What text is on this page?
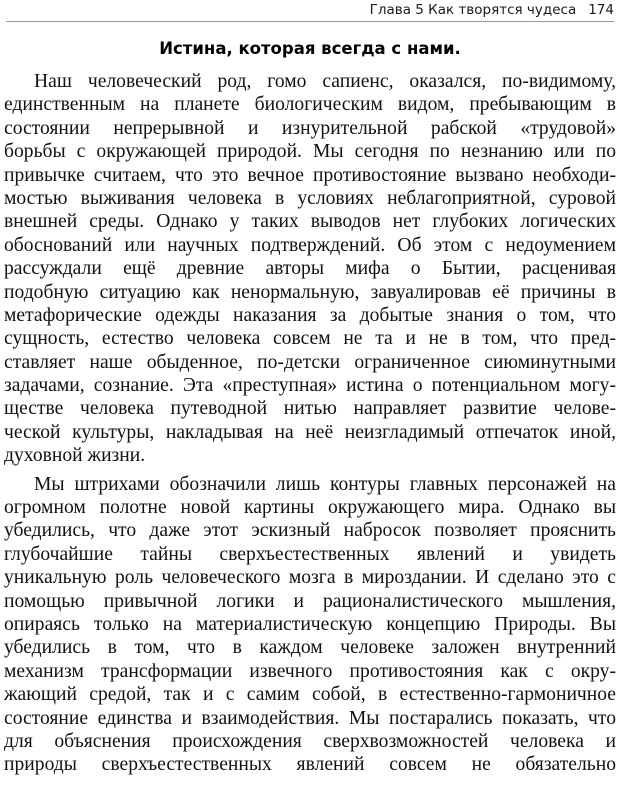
Глава 5 Как творятся чудеса 174
Истина, которая всегда с нами.
Наш человеческий род, гомо сапиенс, оказался, по-видимому,
единственным на планете биологическим видом, пребывающим в
состоянии непрерывной и изнурительной рабской «трудовой»
борьбы с окружающей природой. Мы сегодня по незнанию или по
привычке считаем, что это вечное противостояние вызвано необходи-
мостью выживания человека в условиях неблагоприятной, суровой
внешней среды. Однако у таких выводов нет глубоких логических
обоснований или научных подтверждений. Об этом с недоумением
рассуждали ещё древние авторы мифа о Бытии, расценивая
подобную ситуацию как ненормальную, завуалировав её причины в
метафорические одежды наказания за добытые знания о том, что
сущность, естество человека совсем не та и не в том, что пред-
ставляет наше обыденное, по-детски ограниченное сиюминутными
задачами, сознание. Эта «преступная» истина о потенциальном могу-
ществе человека путеводной нитью направляет развитие челове-
ческой культуры, накладывая на неё неизгладимый отпечаток иной,
духовной жизни.
Мы штрихами обозначили лишь контуры главных персонажей на
огромном полотне новой картины окружающего мира. Однако вы
убедились, что даже этот эскизный набросок позволяет прояснить
глубочайшие тайны сверхъестественных явлений и увидеть
уникальную роль человеческого мозга в мироздании. И сделано это с
помощью привычной логики и рационалистического мышления,
опираясь только на материалистическую концепцию Природы. Вы
убедились в том, что в каждом человеке заложен внутренний
механизм трансформации извечного противостояния как с окру-
жающий средой, так и с самим собой, в естественно-гармоничное
состояние единства и взаимодействия. Мы постарались показать, что
для объяснения происхождения сверхвозможностей человека и
природы сверхъестественных явлений совсем не обязательно
